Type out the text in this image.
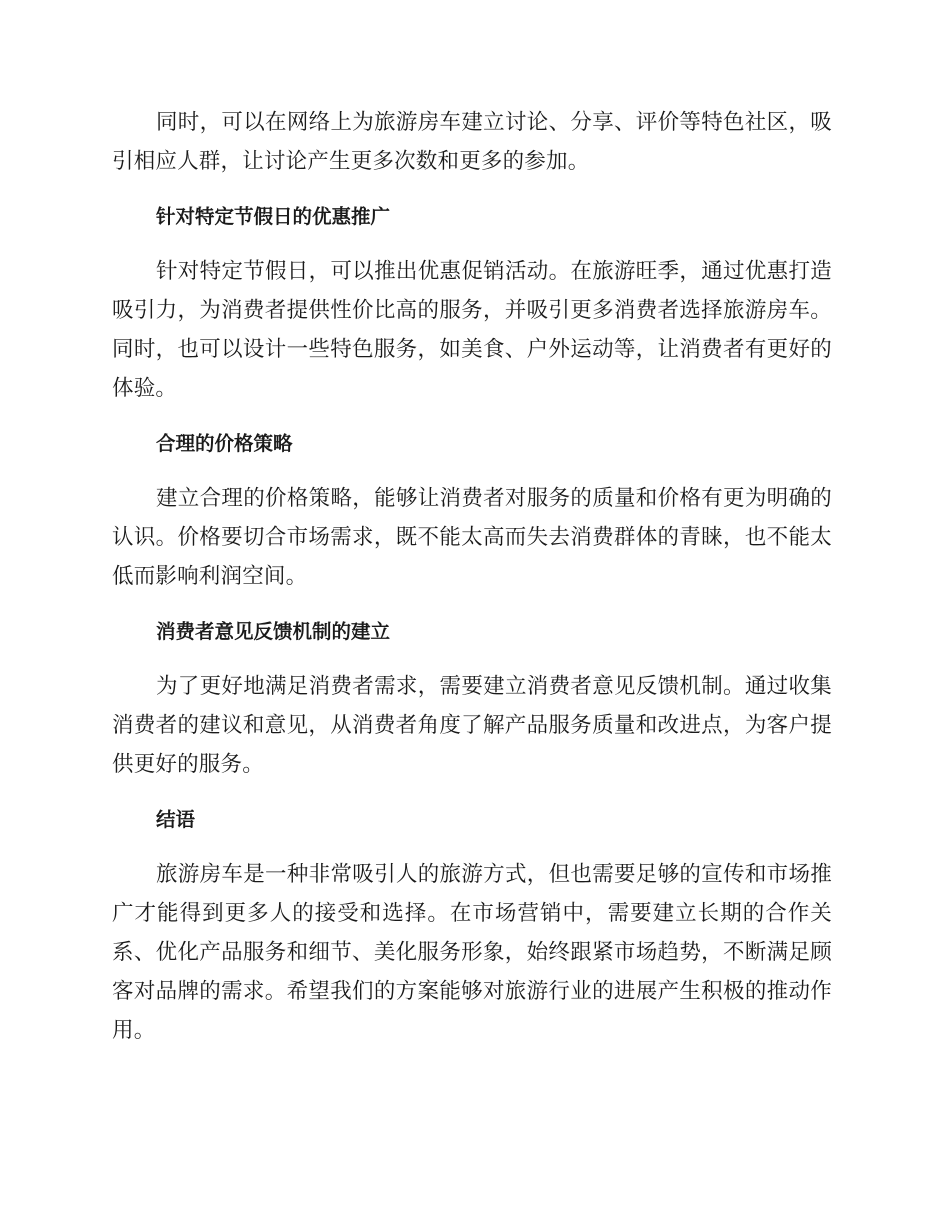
同时，可以在网络上为旅游房车建立讨论、分享、评价等特色社区，吸引相应人群，让讨论产生更多次数和更多的参加。

针对特定节假日的优惠推广

针对特定节假日，可以推出优惠促销活动。在旅游旺季，通过优惠打造吸引力，为消费者提供性价比高的服务，并吸引更多消费者选择旅游房车。同时，也可以设计一些特色服务，如美食、户外运动等，让消费者有更好的体验。

合理的价格策略

建立合理的价格策略，能够让消费者对服务的质量和价格有更为明确的认识。价格要切合市场需求，既不能太高而失去消费群体的青睐，也不能太低而影响利润空间。

消费者意见反馈机制的建立

为了更好地满足消费者需求，需要建立消费者意见反馈机制。通过收集消费者的建议和意见，从消费者角度了解产品服务质量和改进点，为客户提供更好的服务。

结语

旅游房车是一种非常吸引人的旅游方式，但也需要足够的宣传和市场推广才能得到更多人的接受和选择。在市场营销中，需要建立长期的合作关系、优化产品服务和细节、美化服务形象，始终跟紧市场趋势，不断满足顾客对品牌的需求。希望我们的方案能够对旅游行业的进展产生积极的推动作用。
